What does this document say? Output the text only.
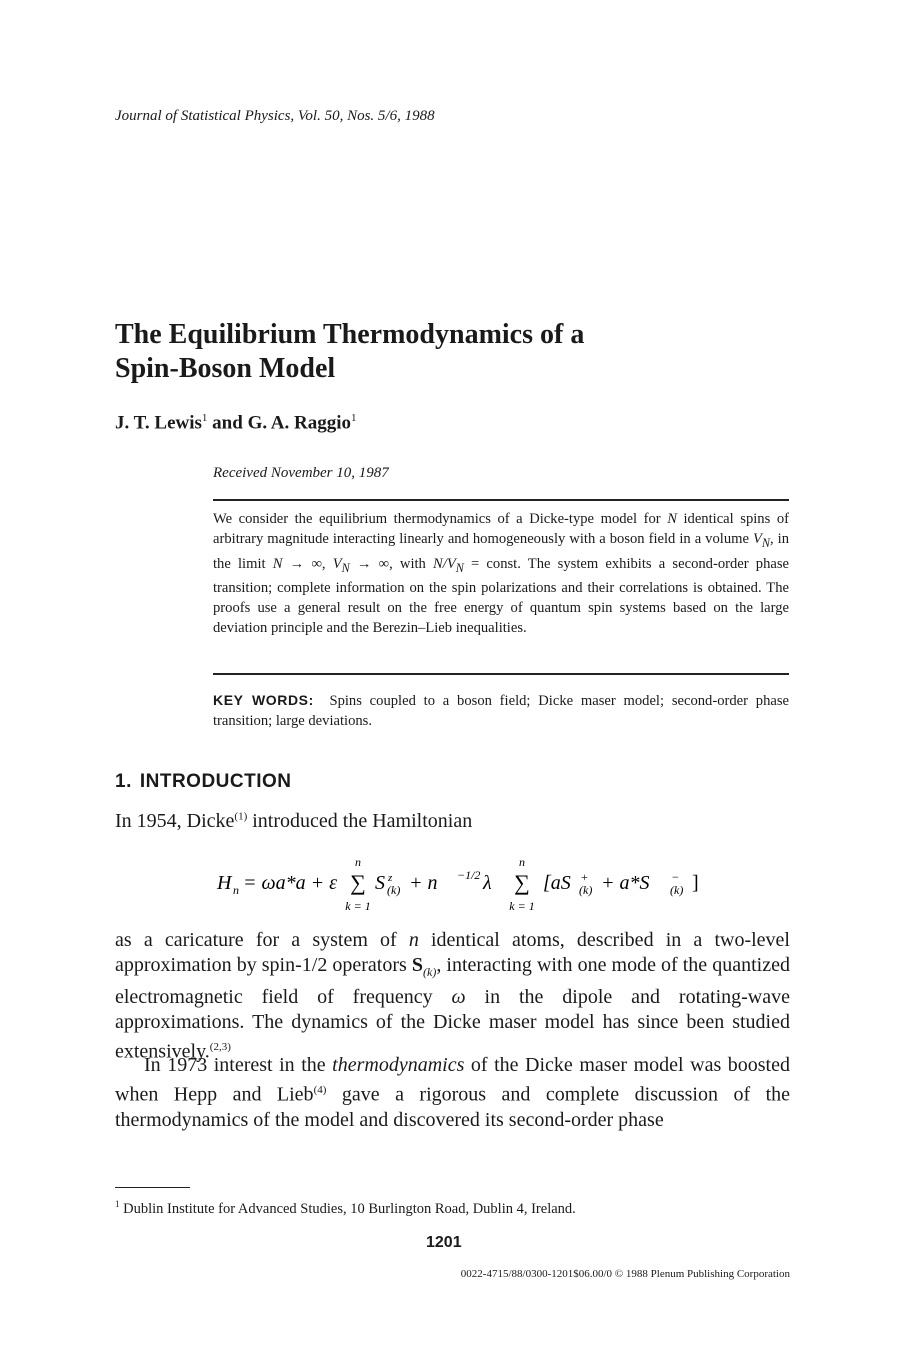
Journal of Statistical Physics, Vol. 50, Nos. 5/6, 1988
The Equilibrium Thermodynamics of a
Spin-Boson Model
J. T. Lewis$^1$ and G. A. Raggio$^1$
Received November 10, 1987

We consider the equilibrium thermodynamics of a Dicke-type model for N identical spins of arbitrary magnitude interacting linearly and homogeneously with a boson field in a volume $V_N$, in the limit N → ∞, $V_N$ → ∞, with $N/V_N$ = const. The system exhibits a second-order phase transition; complete information on the spin polarizations and their correlations is obtained. The proofs use a general result on the free energy of quantum spin systems based on the large deviation principle and the Berezin–Lieb inequalities.

KEY WORDS: Spins coupled to a boson field; Dicke maser model; second-order phase transition; large deviations.

1. INTRODUCTION

In 1954, Dicke$^{(1)}$ introduced the Hamiltonian

H n = ωa*a + ε
n
∑
k = 1
S z
(k) + n −1/2 λ
n
∑
k = 1
[aS +
(k) + a*S −
(k) ]

as a caricature for a system of n identical atoms, described in a two-level approximation by spin-1/2 operators $S_{(k)}$, interacting with one mode of the quantized electromagnetic field of frequency ω in the dipole and rotating-wave approximations. The dynamics of the Dicke maser model has since been studied extensively.$^{(2,3)}$

In 1973 interest in the thermodynamics of the Dicke maser model was boosted when Hepp and Lieb$^{(4)}$ gave a rigorous and complete discussion of the thermodynamics of the model and discovered its second-order phase

$^1$ Dublin Institute for Advanced Studies, 10 Burlington Road, Dublin 4, Ireland.
1201
0022-4715/88/0300-1201$06.00/0 © 1988 Plenum Publishing Corporation
